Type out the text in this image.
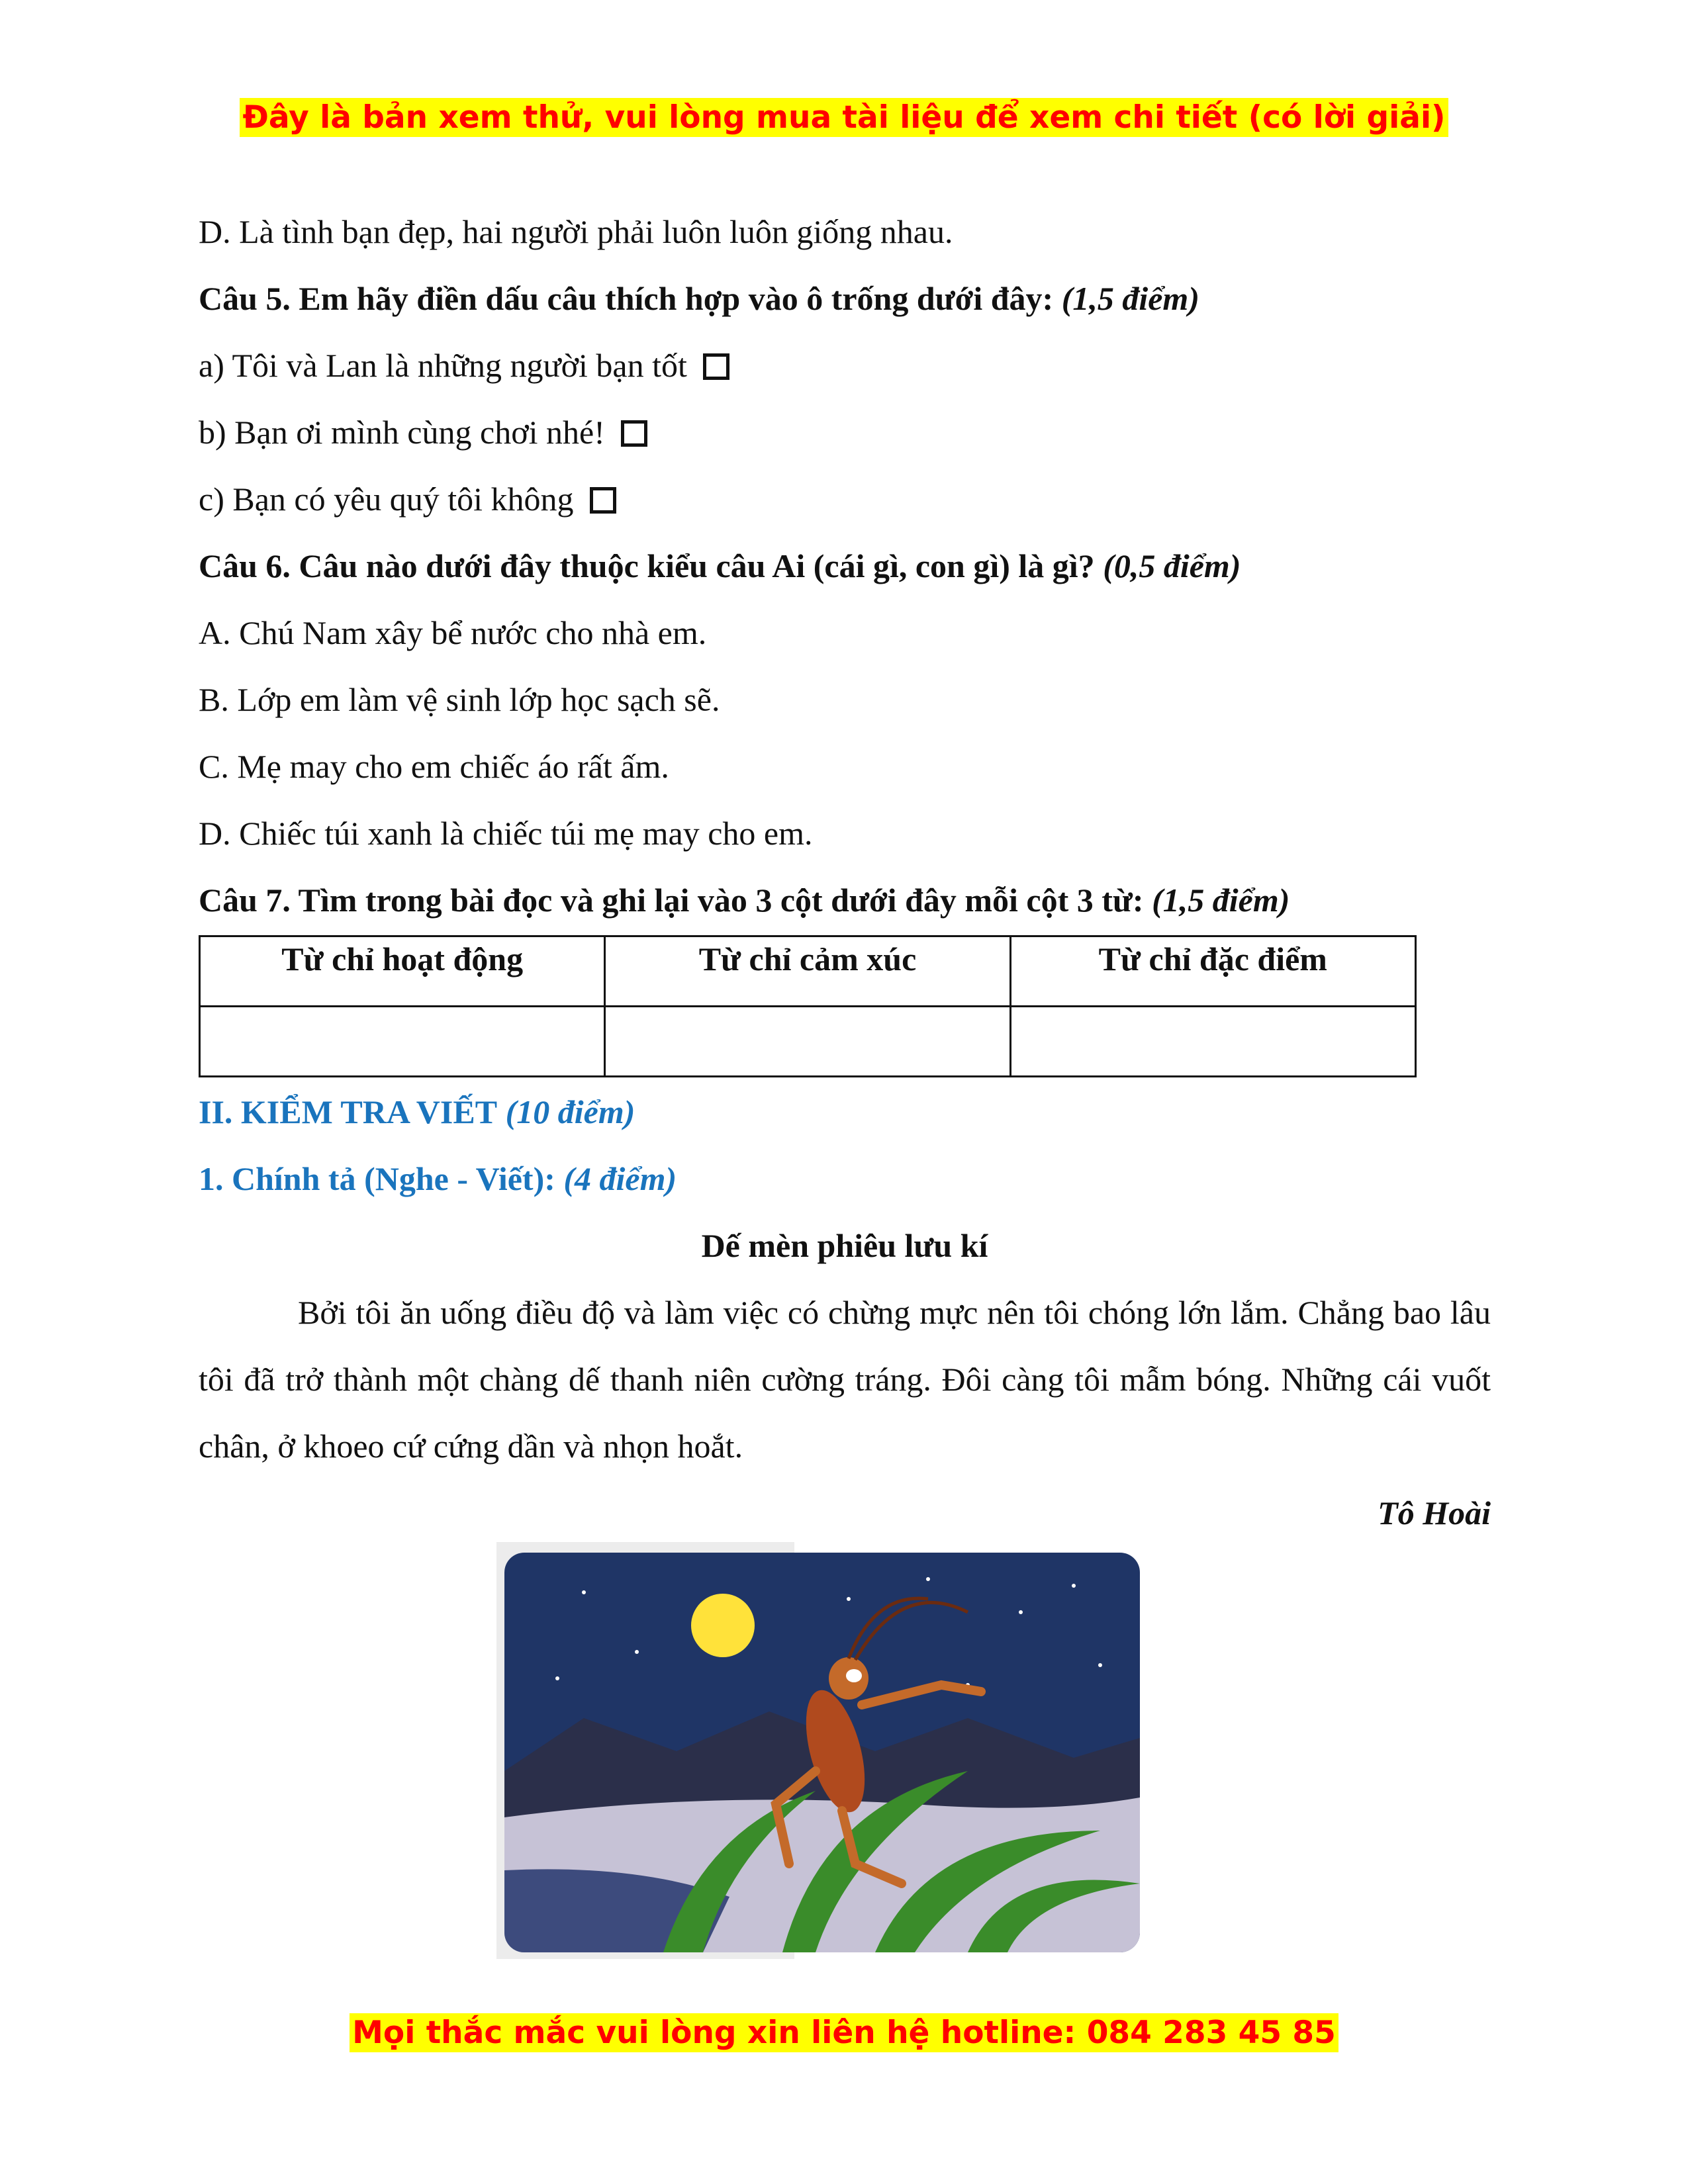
Đây là bản xem thử, vui lòng mua tài liệu để xem chi tiết (có lời giải)
D. Là tình bạn đẹp, hai người phải luôn luôn giống nhau.
Câu 5. Em hãy điền dấu câu thích hợp vào ô trống dưới đây: (1,5 điểm)
a) Tôi và Lan là những người bạn tốt
b) Bạn ơi mình cùng chơi nhé!
c) Bạn có yêu quý tôi không
Câu 6. Câu nào dưới đây thuộc kiểu câu Ai (cái gì, con gì) là gì? (0,5 điểm)
A. Chú Nam xây bể nước cho nhà em.
B. Lớp em làm vệ sinh lớp học sạch sẽ.
C. Mẹ may cho em chiếc áo rất ấm.
D. Chiếc túi xanh là chiếc túi mẹ may cho em.
Câu 7. Tìm trong bài đọc và ghi lại vào 3 cột dưới đây mỗi cột 3 từ: (1,5 điểm)
Từ chỉ hoạt động	Từ chỉ cảm xúc	Từ chỉ đặc điểm

II. KIỂM TRA VIẾT (10 điểm)
1. Chính tả (Nghe - Viết): (4 điểm)
Dế mèn phiêu lưu kí
Bởi tôi ăn uống điều độ và làm việc có chừng mực nên tôi chóng lớn lắm. Chẳng bao lâu tôi đã trở thành một chàng dế thanh niên cường tráng. Đôi càng tôi mẫm bóng. Những cái vuốt chân, ở khoeo cứ cứng dần và nhọn hoắt.
Tô Hoài
Mọi thắc mắc vui lòng xin liên hệ hotline: 084 283 45 85
